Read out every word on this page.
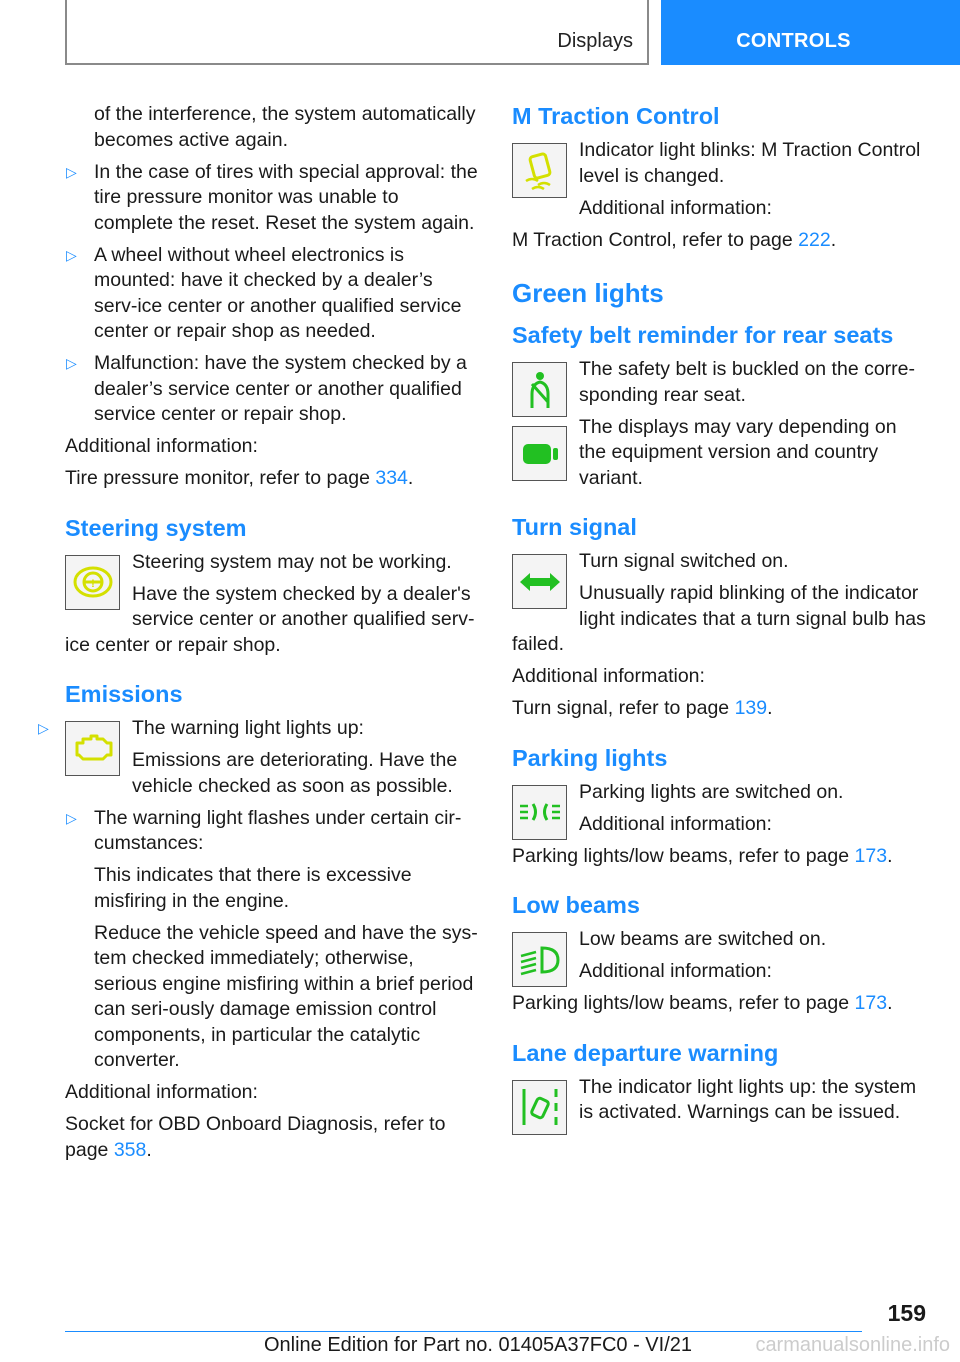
Displays	CONTROLS

of the interference, the system automatically becomes active again.

▷ In the case of tires with special approval: the tire pressure monitor was unable to complete the reset. Reset the system again.
▷ A wheel without wheel electronics is mounted: have it checked by a dealer’s serv-ice center or another qualified service center or repair shop as needed.
▷ Malfunction: have the system checked by a dealer’s service center or another qualified service center or repair shop.

Additional information:

Tire pressure monitor, refer to page 334.

Steering system
!

Steering system may not be working.

Have the system checked by a dealer's service center or another qualified serv-ice center or repair shop.

Emissions
▷	The warning light lights up:

Emissions are deteriorating. Have the vehicle checked as soon as possible.

▷ The warning light flashes under certain cir-cumstances:

This indicates that there is excessive misfiring in the engine.

Reduce the vehicle speed and have the sys-tem checked immediately; otherwise, serious engine misfiring within a brief period can seri-ously damage emission control components, in particular the catalytic converter.

Additional information:

Socket for OBD Onboard Diagnosis, refer to page 358.

M Traction Control

Indicator light blinks: M Traction Control level is changed.

Additional information:

M Traction Control, refer to page 222.

Green lights
Safety belt reminder for rear seats

The safety belt is buckled on the corre-sponding rear seat.

The displays may vary depending on the equipment version and country variant.

Turn signal

Turn signal switched on.

Unusually rapid blinking of the indicator light indicates that a turn signal bulb has failed.

Additional information:

Turn signal, refer to page 139.

Parking lights

Parking lights are switched on.

Additional information:

Parking lights/low beams, refer to page 173.

Low beams

Low beams are switched on.

Additional information:

Parking lights/low beams, refer to page 173.

Lane departure warning

The indicator light lights up: the system is activated. Warnings can be issued.

159
Online Edition for Part no. 01405A37FC0 - VI/21	carmanualsonline.info
